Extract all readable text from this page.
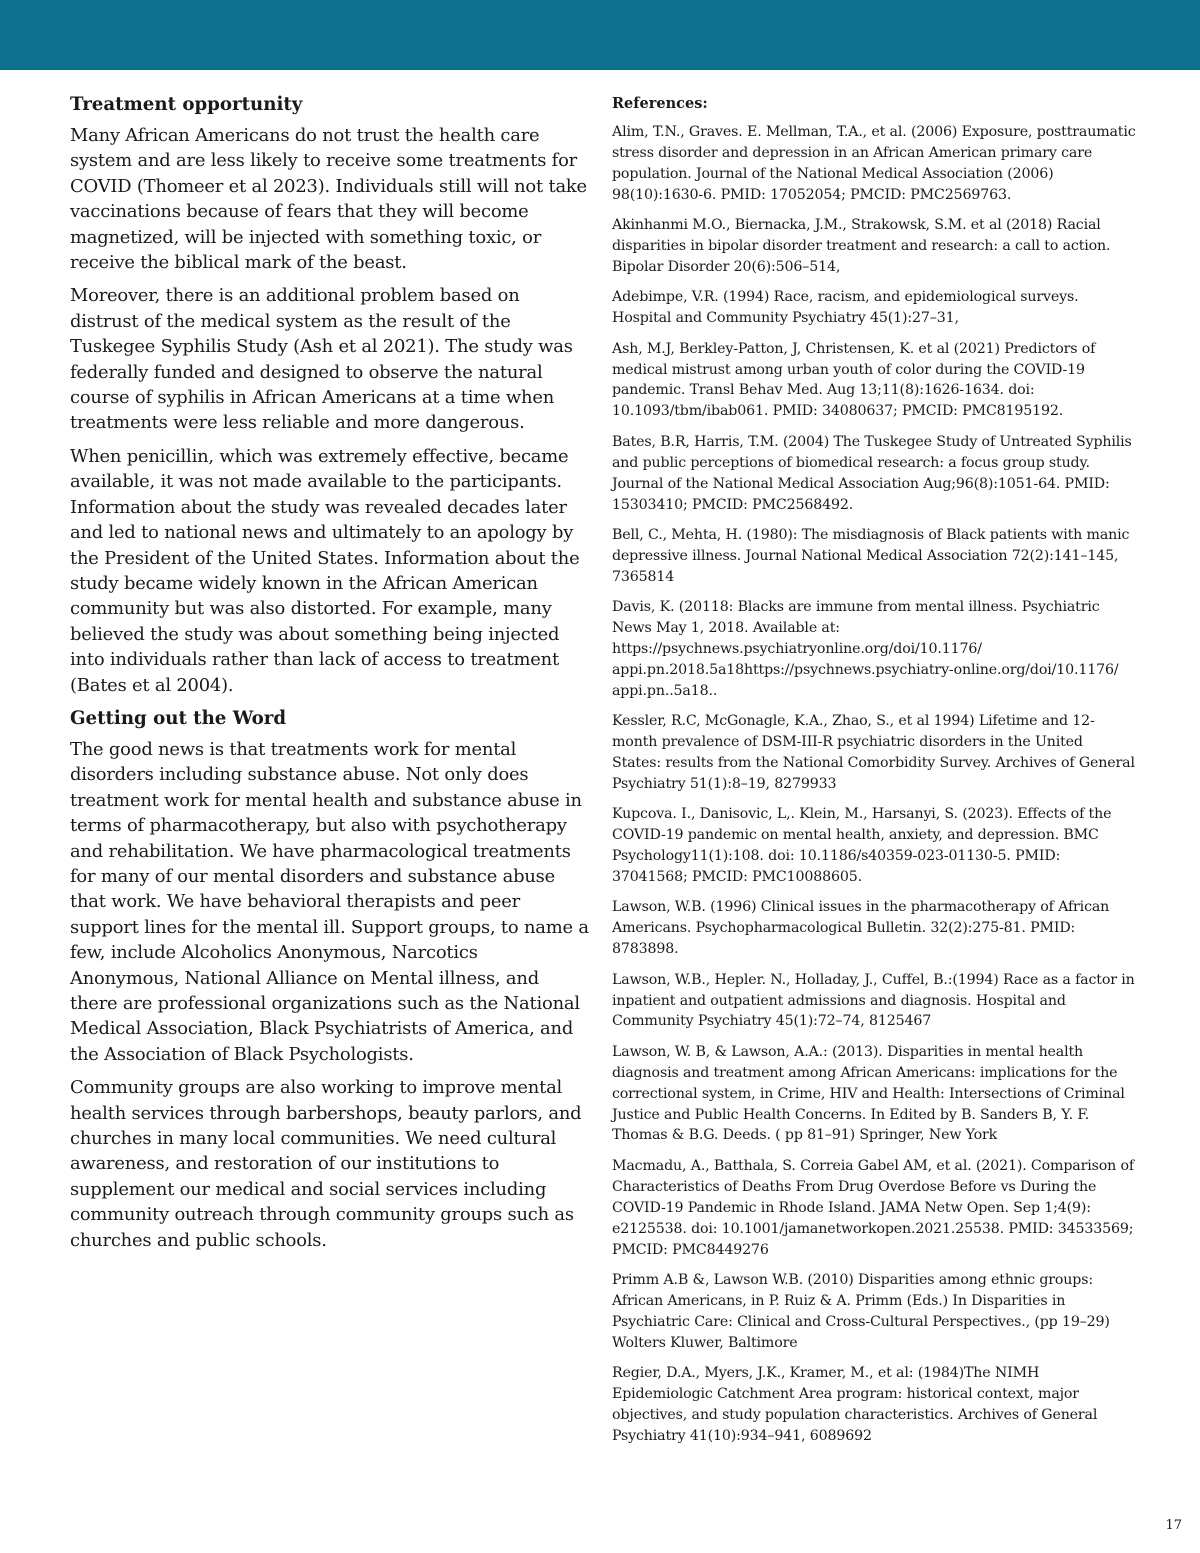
Treatment opportunity

Many African Americans do not trust the health care system and are less likely to receive some treatments for COVID (Thomeer et al 2023). Individuals still will not take vaccinations because of fears that they will become magnetized, will be injected with something toxic, or receive the biblical mark of the beast.

Moreover, there is an additional problem based on distrust of the medical system as the result of the Tuskegee Syphilis Study (Ash et al 2021). The study was federally funded and designed to observe the natural course of syphilis in African Americans at a time when treatments were less reliable and more dangerous.

When penicillin, which was extremely effective, became available, it was not made available to the participants. Information about the study was revealed decades later and led to national news and ultimately to an apology by the President of the United States. Information about the study became widely known in the African American community but was also distorted. For example, many believed the study was about something being injected into individuals rather than lack of access to treatment (Bates et al 2004).

Getting out the Word

The good news is that treatments work for mental disorders including substance abuse. Not only does treatment work for mental health and substance abuse in terms of pharmacotherapy, but also with psychotherapy and rehabilitation. We have pharmacological treatments for many of our mental disorders and substance abuse that work. We have behavioral therapists and peer support lines for the mental ill. Support groups, to name a few, include Alcoholics Anonymous, Narcotics Anonymous, National Alliance on Mental illness, and there are professional organizations such as the National Medical Association, Black Psychiatrists of America, and the Association of Black Psychologists.

Community groups are also working to improve mental health services through barbershops, beauty parlors, and churches in many local communities. We need cultural awareness, and restoration of our institutions to supplement our medical and social services including community outreach through community groups such as churches and public schools.

References:

Alim, T.N., Graves. E. Mellman, T.A., et al. (2006) Exposure, posttraumatic stress disorder and depression in an African American primary care population. Journal of the National Medical Association (2006) 98(10):1630-6. PMID: 17052054; PMCID: PMC2569763.

Akinhanmi M.O., Biernacka, J.M., Strakowsk, S.M. et al (2018) Racial disparities in bipolar disorder treatment and research: a call to action. Bipolar Disorder 20(6):506–514,

Adebimpe, V.R. (1994) Race, racism, and epidemiological surveys. Hospital and Community Psychiatry 45(1):27–31,

Ash, M.J, Berkley-Patton, J, Christensen, K. et al (2021) Predictors of medical mistrust among urban youth of color during the COVID-19 pandemic. Transl Behav Med. Aug 13;11(8):1626-1634. doi: 10.1093/tbm/ibab061. PMID: 34080637; PMCID: PMC8195192.

Bates, B.R, Harris, T.M. (2004) The Tuskegee Study of Untreated Syphilis and public perceptions of biomedical research: a focus group study. Journal of the National Medical Association Aug;96(8):1051-64. PMID: 15303410; PMCID: PMC2568492.

Bell, C., Mehta, H. (1980): The misdiagnosis of Black patients with manic depressive illness. Journal National Medical Association 72(2):141–145, 7365814

Davis, K. (20118: Blacks are immune from mental illness. Psychiatric News May 1, 2018. Available at: https://psychnews.psychiatryonline.org/doi/10.1176/ appi.pn.2018.5a18https://psychnews.psychiatry-online.org/doi/10.1176/ appi.pn..5a18..

Kessler, R.C, McGonagle, K.A., Zhao, S., et al 1994) Lifetime and 12-month prevalence of DSM-III-R psychiatric disorders in the United States: results from the National Comorbidity Survey. Archives of General Psychiatry 51(1):8–19, 8279933

Kupcova. I., Danisovic, L,. Klein, M., Harsanyi, S. (2023). Effects of the COVID-19 pandemic on mental health, anxiety, and depression. BMC Psychology11(1):108. doi: 10.1186/s40359-023-01130-5. PMID: 37041568; PMCID: PMC10088605.

Lawson, W.B. (1996) Clinical issues in the pharmacotherapy of African Americans. Psychopharmacological Bulletin. 32(2):275-81. PMID: 8783898.

Lawson, W.B., Hepler. N., Holladay, J., Cuffel, B.:(1994) Race as a factor in inpatient and outpatient admissions and diagnosis. Hospital and Community Psychiatry 45(1):72–74, 8125467

Lawson, W. B, & Lawson, A.A.: (2013). Disparities in mental health diagnosis and treatment among African Americans: implications for the correctional system, in Crime, HIV and Health: Intersections of Criminal Justice and Public Health Concerns. In Edited by B. Sanders B, Y. F. Thomas & B.G. Deeds. ( pp 81–91) Springer, New York

Macmadu, A., Batthala, S. Correia Gabel AM, et al. (2021). Comparison of Characteristics of Deaths From Drug Overdose Before vs During the COVID-19 Pandemic in Rhode Island. JAMA Netw Open. Sep 1;4(9): e2125538. doi: 10.1001/jamanetworkopen.2021.25538. PMID: 34533569; PMCID: PMC8449276

Primm A.B &, Lawson W.B. (2010) Disparities among ethnic groups: African Americans, in P. Ruiz & A. Primm (Eds.) In Disparities in Psychiatric Care: Clinical and Cross-Cultural Perspectives., (pp 19–29) Wolters Kluwer, Baltimore

Regier, D.A., Myers, J.K., Kramer, M., et al: (1984)The NIMH Epidemiologic Catchment Area program: historical context, major objectives, and study population characteristics. Archives of General Psychiatry 41(10):934–941, 6089692

17
